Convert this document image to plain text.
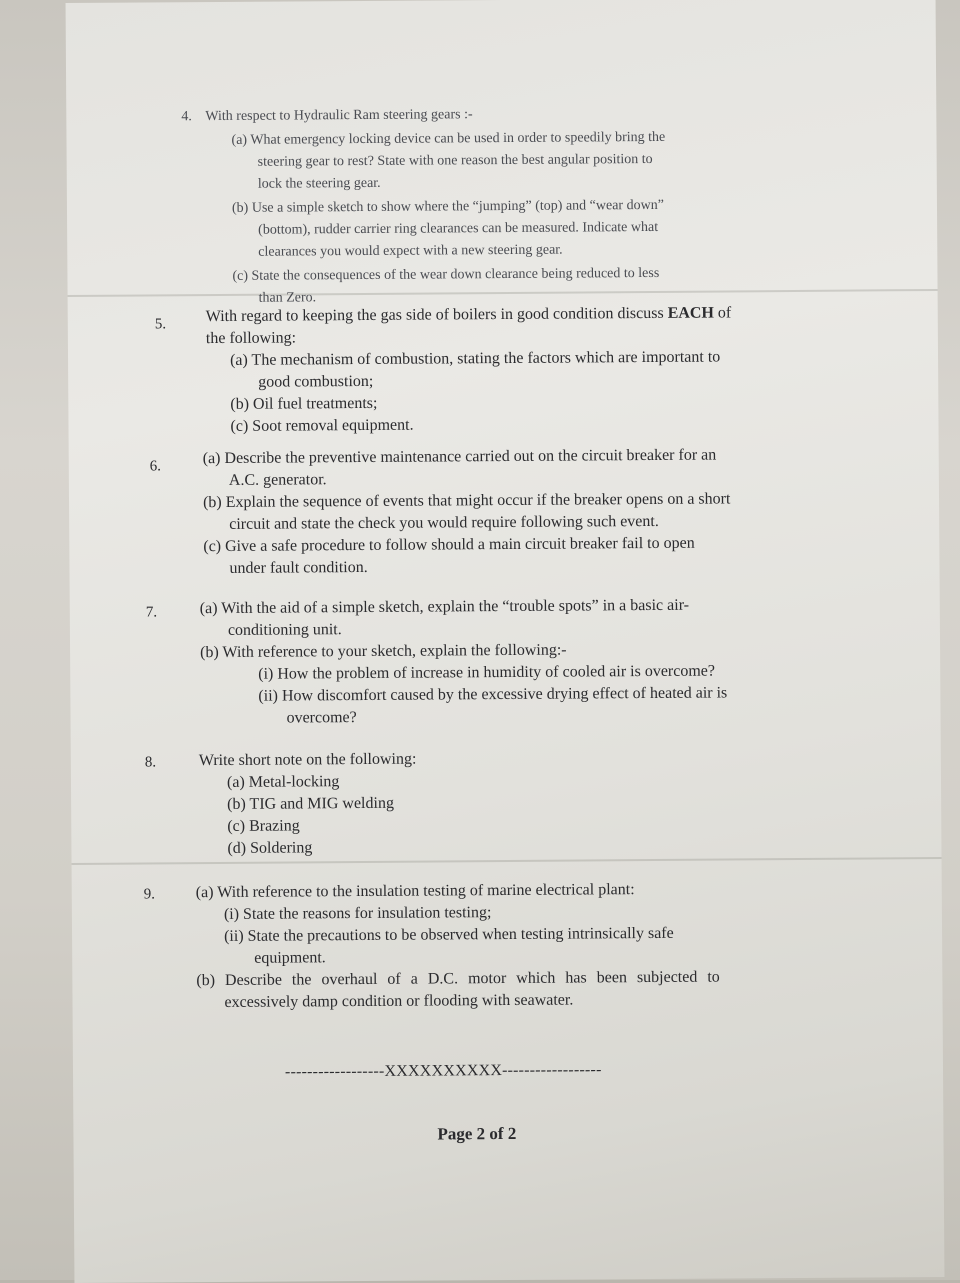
4. With respect to Hydraulic Ram steering gears :-
(a) What emergency locking device can be used in order to speedily bring the
steering gear to rest? State with one reason the best angular position to
lock the steering gear.
(b) Use a simple sketch to show where the “jumping” (top) and “wear down”
(bottom), rudder carrier ring clearances can be measured. Indicate what
clearances you would expect with a new steering gear.
(c) State the consequences of the wear down clearance being reduced to less
than Zero.
5. With regard to keeping the gas side of boilers in good condition discuss EACH of
the following:
(a) The mechanism of combustion, stating the factors which are important to
good combustion;
(b) Oil fuel treatments;
(c) Soot removal equipment.
6.	(a) Describe the preventive maintenance carried out on the circuit breaker for an
A.C. generator.
(b) Explain the sequence of events that might occur if the breaker opens on a short
circuit and state the check you would require following such event.
(c) Give a safe procedure to follow should a main circuit breaker fail to open
under fault condition.
7.	(a) With the aid of a simple sketch, explain the “trouble spots” in a basic air-
conditioning unit.
(b) With reference to your sketch, explain the following:-
(i) How the problem of increase in humidity of cooled air is overcome?
(ii) How discomfort caused by the excessive drying effect of heated air is
overcome?
8.	Write short note on the following:
(a) Metal-locking
(b) TIG and MIG welding
(c) Brazing
(d) Soldering
9.	(a) With reference to the insulation testing of marine electrical plant:
(i) State the reasons for insulation testing;
(ii) State the precautions to be observed when testing intrinsically safe
equipment.
(b) Describe the overhaul of a D.C. motor which has been subjected to
excessively damp condition or flooding with seawater.
------------------XXXXXXXXXX------------------
Page 2 of 2
